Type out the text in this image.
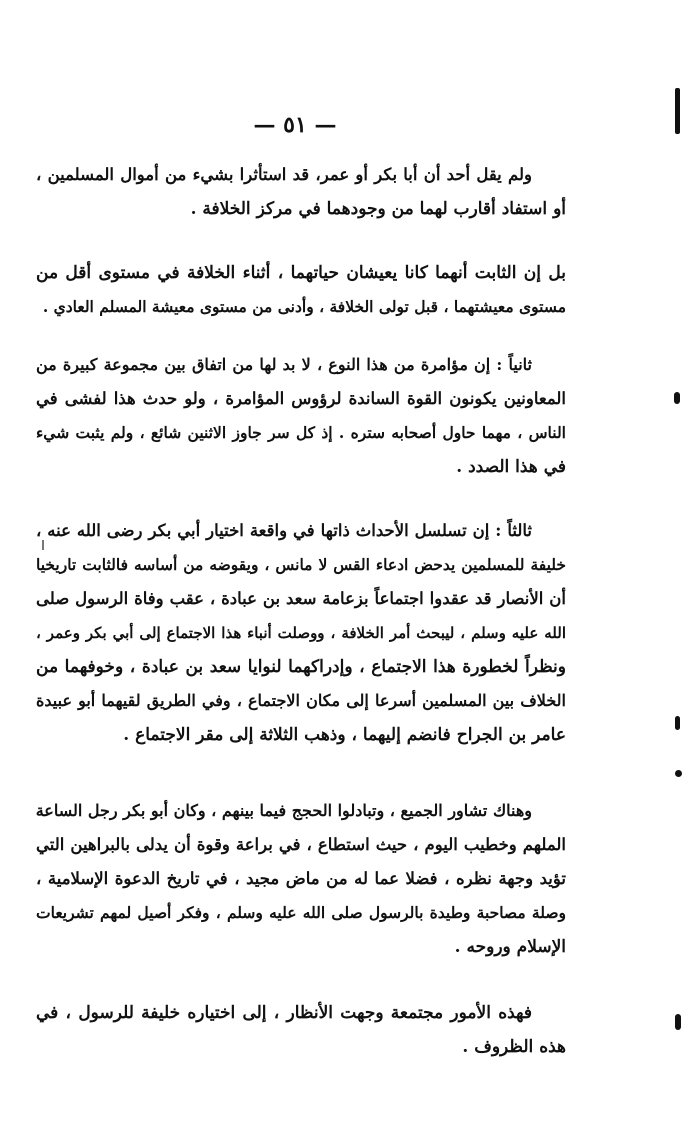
— ٥١ —
ولم يقل أحد أن أبا بكر أو عمر، قد استأثرا بشيء من أموال المسلمين ،
أو استفاد أقارب لهما من وجودهما في مركز الخلافة .
بل إن الثابت أنهما كانا يعيشان حياتهما ، أثناء الخلافة في مستوى أقل من
مستوى معيشتهما ، قبل تولى الخلافة ، وأدنى من مستوى معيشة المسلم العادي .
ثانياً : إن مؤامرة من هذا النوع ، لا بد لها من اتفاق بين مجموعة كبيرة من
المعاونين يكونون القوة الساندة لرؤوس المؤامرة ، ولو حدث هذا لفشى في
الناس ، مهما حاول أصحابه ستره . إذ كل سر جاوز الاثنين شائع ، ولم يثبت شيء
في هذا الصدد .
ثالثاً : إن تسلسل الأحداث ذاتها في واقعة اختيار أبي بكر رضى الله عنه ،
خليفة للمسلمين يدحض ادعاء القس لا مانس ، ويقوضه من أساسه فالثابت تاريخيا
أن الأنصار قد عقدوا اجتماعاً بزعامة سعد بن عبادة ، عقب وفاة الرسول صلى
الله عليه وسلم ، ليبحث أمر الخلافة ، ووصلت أنباء هذا الاجتماع إلى أبي بكر وعمر ،
ونظراً لخطورة هذا الاجتماع ، وإدراكهما لنوايا سعد بن عبادة ، وخوفهما من
الخلاف بين المسلمين أسرعا إلى مكان الاجتماع ، وفي الطريق لقيهما أبو عبيدة
عامر بن الجراح فانضم إليهما ، وذهب الثلاثة إلى مقر الاجتماع .
وهناك تشاور الجميع ، وتبادلوا الحجج فيما بينهم ، وكان أبو بكر رجل الساعة
الملهم وخطيب اليوم ، حيث استطاع ، في براعة وقوة أن يدلى بالبراهين التي
تؤيد وجهة نظره ، فضلا عما له من ماض مجيد ، في تاريخ الدعوة الإسلامية ،
وصلة مصاحبة وطيدة بالرسول صلى الله عليه وسلم ، وفكر أصيل لمهم تشريعات
الإسلام وروحه .
فهذه الأمور مجتمعة وجهت الأنظار ، إلى اختياره خليفة للرسول ، في
هذه الظروف .
